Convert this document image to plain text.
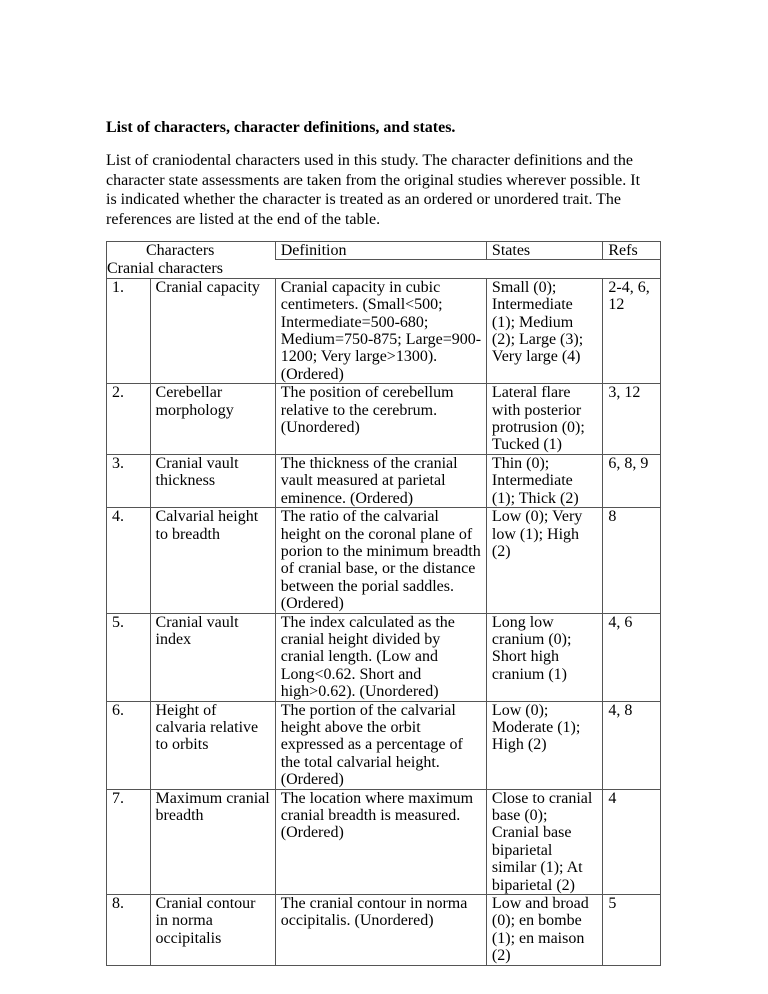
List of characters, character definitions, and states.

List of craniodental characters used in this study. The character definitions and the character state assessments are taken from the original studies wherever possible. It is indicated whether the character is treated as an ordered or unordered trait. The references are listed at the end of the table.

Characters		Definition	States	Refs
Cranial characters				
1.	Cranial capacity	Cranial capacity in cubic centimeters. (Small<500; Intermediate=500-680; Medium=750-875; Large=900-1200; Very large>1300). (Ordered)	Small (0); Intermediate (1); Medium (2); Large (3); Very large (4)	2-4, 6, 12
2.	Cerebellar morphology	The position of cerebellum relative to the cerebrum. (Unordered)	Lateral flare with posterior protrusion (0); Tucked (1)	3, 12
3.	Cranial vault thickness	The thickness of the cranial vault measured at parietal eminence. (Ordered)	Thin (0); Intermediate (1); Thick (2)	6, 8, 9
4.	Calvarial height to breadth	The ratio of the calvarial height on the coronal plane of porion to the minimum breadth of cranial base, or the distance between the porial saddles. (Ordered)	Low (0); Very low (1); High (2)	8
5.	Cranial vault index	The index calculated as the cranial height divided by cranial length. (Low and Long<0.62. Short and high>0.62). (Unordered)	Long low cranium (0); Short high cranium (1)	4, 6
6.	Height of calvaria relative to orbits	The portion of the calvarial height above the orbit expressed as a percentage of the total calvarial height. (Ordered)	Low (0); Moderate (1); High (2)	4, 8
7.	Maximum cranial breadth	The location where maximum cranial breadth is measured. (Ordered)	Close to cranial base (0); Cranial base biparietal similar (1); At biparietal (2)	4
8.	Cranial contour in norma occipitalis	The cranial contour in norma occipitalis. (Unordered)	Low and broad (0); en bombe (1); en maison (2)	5
